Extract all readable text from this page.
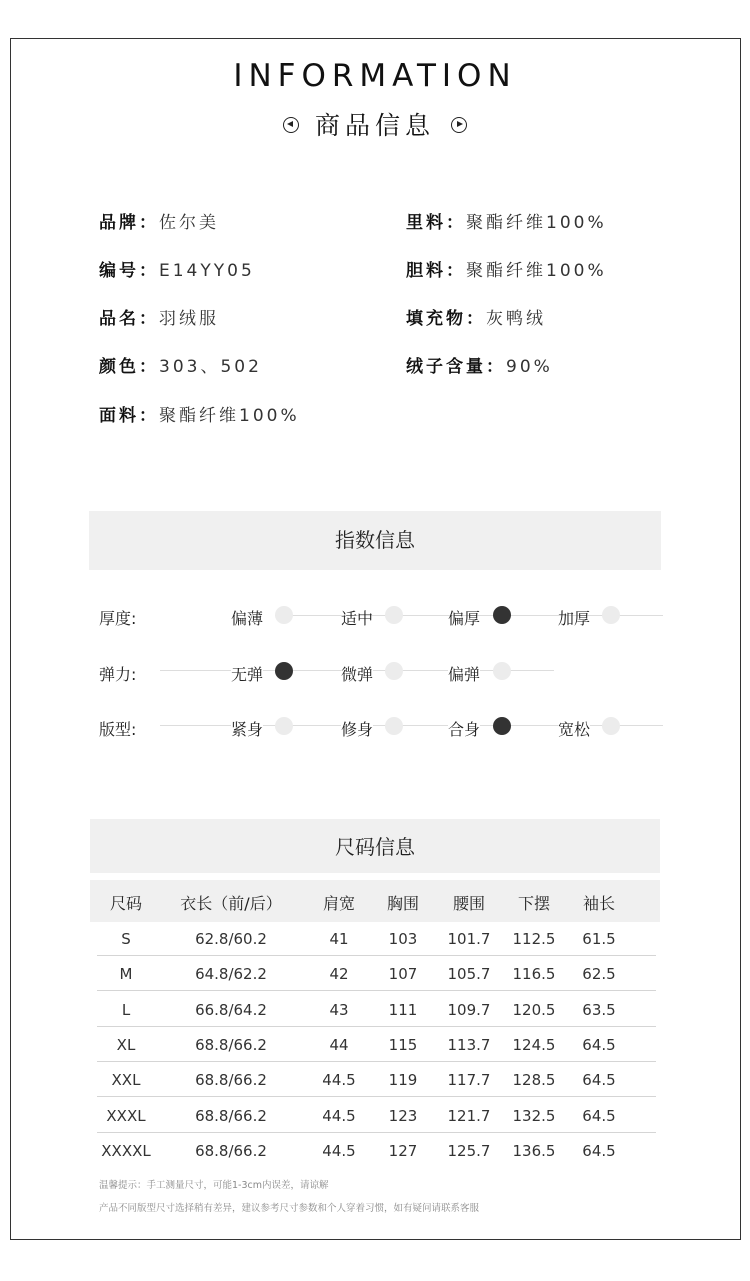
INFORMATION
商品信息
品牌：佐尔美
编号：E14YY05
品名：羽绒服
颜色：303、502
面料：聚酯纤维100%
里料：聚酯纤维100%
胆料：聚酯纤维100%
填充物：灰鸭绒
绒子含量：90%
指数信息
厚度:	偏薄	适中	偏厚	加厚
弹力:	无弹	微弹	偏弹
版型:	紧身	修身	合身	宽松
尺码信息
尺码	衣长（前/后）	肩宽	胸围	腰围	下摆	袖长
S	62.8/60.2	41	103	101.7	112.5	61.5
M	64.8/62.2	42	107	105.7	116.5	62.5
L	66.8/64.2	43	111	109.7	120.5	63.5
XL	68.8/66.2	44	115	113.7	124.5	64.5
XXL	68.8/66.2	44.5	119	117.7	128.5	64.5
XXXL	68.8/66.2	44.5	123	121.7	132.5	64.5
XXXXL	68.8/66.2	44.5	127	125.7	136.5	64.5
温馨提示：手工测量尺寸，可能1-3cm内误差，请谅解
产品不同版型尺寸选择稍有差异，建议参考尺寸参数和个人穿着习惯，如有疑问请联系客服
